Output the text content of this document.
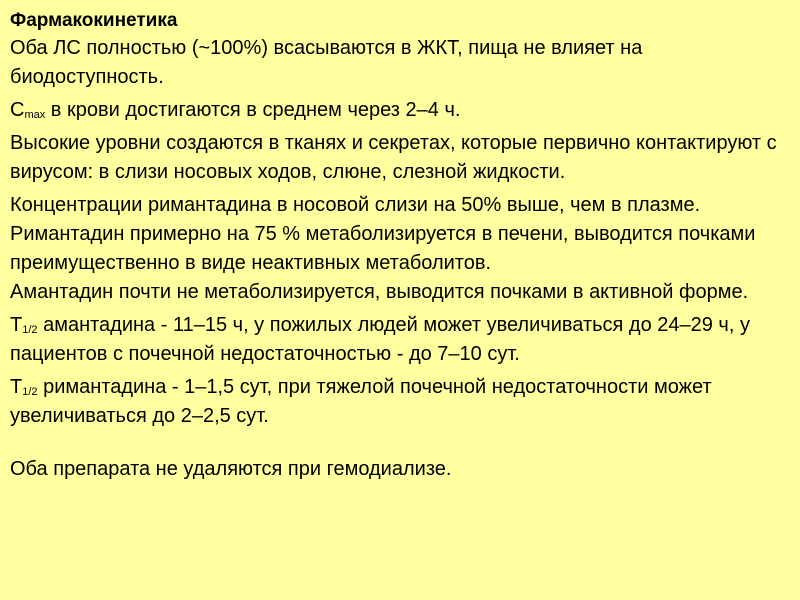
Фармакокинетика

Оба ЛС полностью (~100%) всасываются в ЖКТ, пища не влияет на биодоступность.

$C_{max}$ в крови достигаются в среднем через 2–4 ч.

Высокие уровни создаются в тканях и секретах, которые первично контактируют с вирусом: в слизи носовых ходов, слюне, слезной жидкости.

Концентрации римантадина в носовой слизи на 50% выше, чем в плазме.

Римантадин примерно на 75 % метаболизируется в печени, выводится почками преимущественно в виде неактивных метаболитов.

Амантадин почти не метаболизируется, выводится почками в активной форме.

$T_{1/2}$ амантадина - 11–15 ч, у пожилых людей может увеличиваться до 24–29 ч, у пациентов с почечной недостаточностью - до 7–10 сут.

$T_{1/2}$ римантадина - 1–1,5 сут, при тяжелой почечной недостаточности может увеличиваться до 2–2,5 сут.

Оба препарата не удаляются при гемодиализе.
